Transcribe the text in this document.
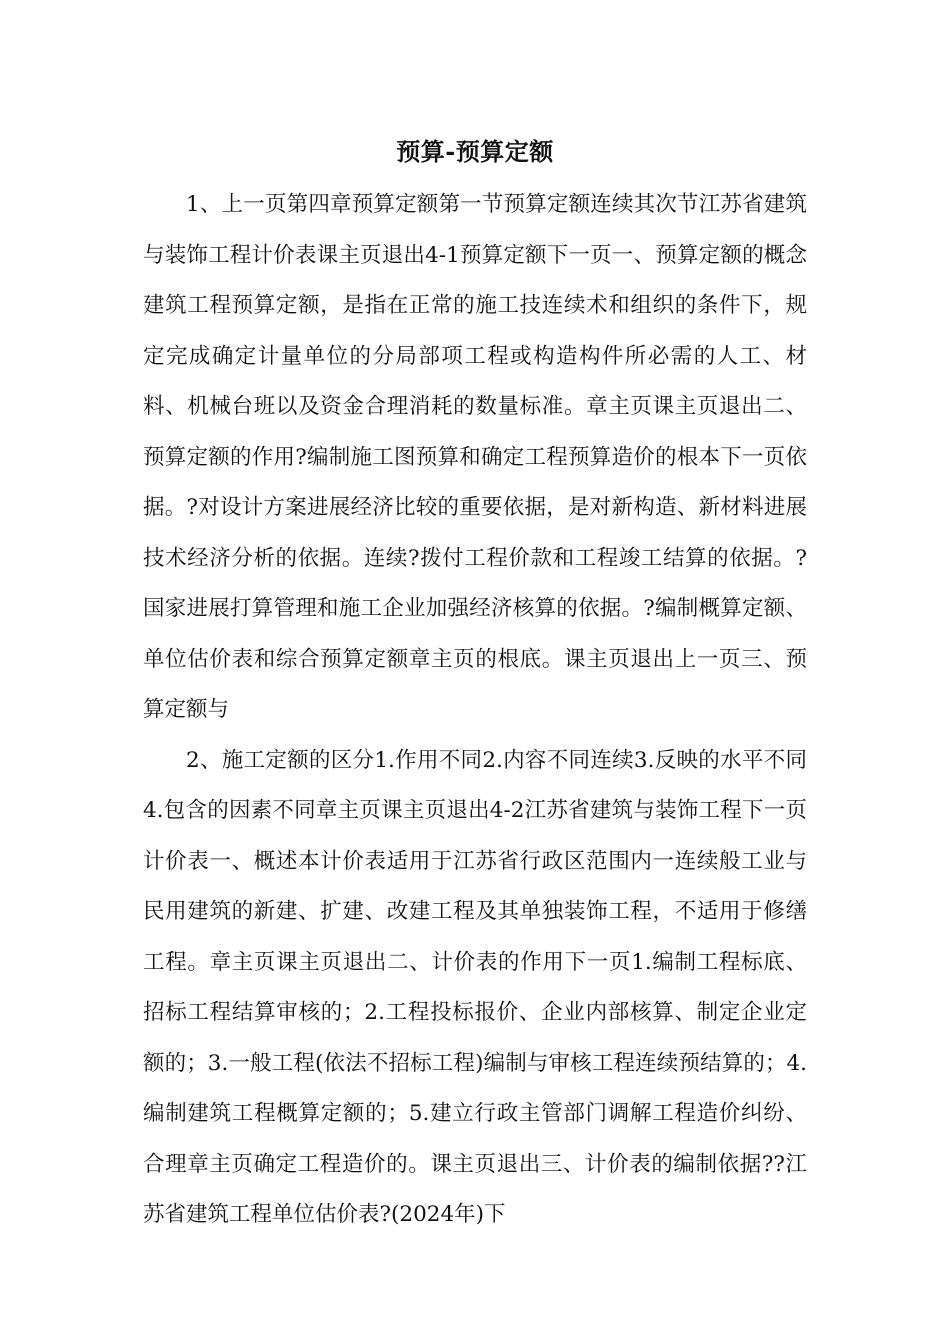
预算-预算定额

1、上一页第四章预算定额第一节预算定额连续其次节江苏省建筑与装饰工程计价表课主页退出4-1预算定额下一页一、预算定额的概念建筑工程预算定额，是指在正常的施工技连续术和组织的条件下，规定完成确定计量单位的分局部项工程或构造构件所必需的人工、材料、机械台班以及资金合理消耗的数量标准。章主页课主页退出二、预算定额的作用?编制施工图预算和确定工程预算造价的根本下一页依据。?对设计方案进展经济比较的重要依据，是对新构造、新材料进展技术经济分析的依据。连续?拨付工程价款和工程竣工结算的依据。?国家进展打算管理和施工企业加强经济核算的依据。?编制概算定额、单位估价表和综合预算定额章主页的根底。课主页退出上一页三、预算定额与

2、施工定额的区分1.作用不同2.内容不同连续3.反映的水平不同4.包含的因素不同章主页课主页退出4-2江苏省建筑与装饰工程下一页计价表一、概述本计价表适用于江苏省行政区范围内一连续般工业与民用建筑的新建、扩建、改建工程及其单独装饰工程，不适用于修缮工程。章主页课主页退出二、计价表的作用下一页1.编制工程标底、招标工程结算审核的；2.工程投标报价、企业内部核算、制定企业定额的；3.一般工程(依法不招标工程)编制与审核工程连续预结算的；4.编制建筑工程概算定额的；5.建立行政主管部门调解工程造价纠纷、合理章主页确定工程造价的。课主页退出三、计价表的编制依据??江苏省建筑工程单位估价表?(2024年)下
